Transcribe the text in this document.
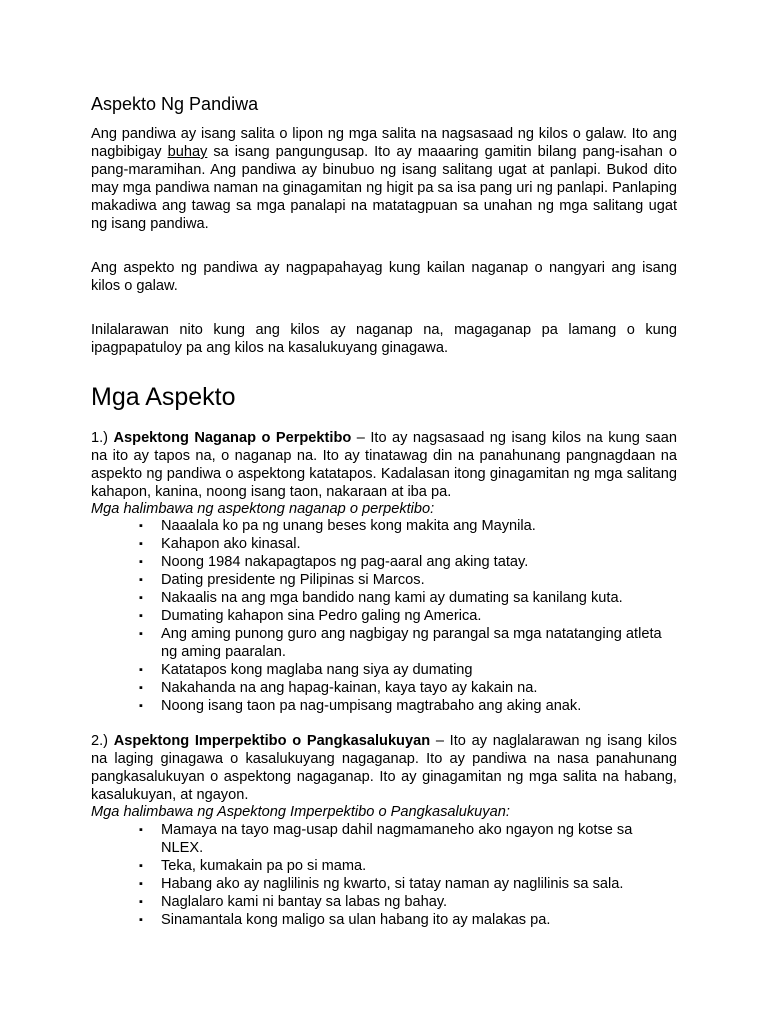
Aspekto Ng Pandiwa

Ang pandiwa ay isang salita o lipon ng mga salita na nagsasaad ng kilos o galaw. Ito ang nagbibigay buhay sa isang pangungusap. Ito ay maaaring gamitin bilang pang-isahan o pang-maramihan. Ang pandiwa ay binubuo ng isang salitang ugat at panlapi. Bukod dito may mga pandiwa naman na ginagamitan ng higit pa sa isa pang uri ng panlapi. Panlaping makadiwa ang tawag sa mga panalapi na matatagpuan sa unahan ng mga salitang ugat ng isang pandiwa.

Ang aspekto ng pandiwa ay nagpapahayag kung kailan naganap o nangyari ang isang kilos o galaw.

Inilalarawan nito kung ang kilos ay naganap na, magaganap pa lamang o kung ipagpapatuloy pa ang kilos na kasalukuyang ginagawa.

Mga Aspekto

1.) Aspektong Naganap o Perpektibo – Ito ay nagsasaad ng isang kilos na kung saan na ito ay tapos na, o naganap na. Ito ay tinatawag din na panahunang pangnagdaan na aspekto ng pandiwa o aspektong katatapos. Kadalasan itong ginagamitan ng mga salitang kahapon, kanina, noong isang taon, nakaraan at iba pa.

Mga halimbawa ng aspektong naganap o perpektibo:

▪ Naaalala ko pa ng unang beses kong makita ang Maynila.
▪ Kahapon ako kinasal.
▪ Noong 1984 nakapagtapos ng pag-aaral ang aking tatay.
▪ Dating presidente ng Pilipinas si Marcos.
▪ Nakaalis na ang mga bandido nang kami ay dumating sa kanilang kuta.
▪ Dumating kahapon sina Pedro galing ng America.
▪ Ang aming punong guro ang nagbigay ng parangal sa mga natatanging atleta ng aming paaralan.
▪ Katatapos kong maglaba nang siya ay dumating
▪ Nakahanda na ang hapag-kainan, kaya tayo ay kakain na.
▪ Noong isang taon pa nag-umpisang magtrabaho ang aking anak.

2.) Aspektong Imperpektibo o Pangkasalukuyan – Ito ay naglalarawan ng isang kilos na laging ginagawa o kasalukuyang nagaganap. Ito ay pandiwa na nasa panahunang pangkasalukuyan o aspektong nagaganap. Ito ay ginagamitan ng mga salita na habang, kasalukuyan, at ngayon.

Mga halimbawa ng Aspektong Imperpektibo o Pangkasalukuyan:

▪ Mamaya na tayo mag-usap dahil nagmamaneho ako ngayon ng kotse sa NLEX.
▪ Teka, kumakain pa po si mama.
▪ Habang ako ay naglilinis ng kwarto, si tatay naman ay naglilinis sa sala.
▪ Naglalaro kami ni bantay sa labas ng bahay.
▪ Sinamantala kong maligo sa ulan habang ito ay malakas pa.
